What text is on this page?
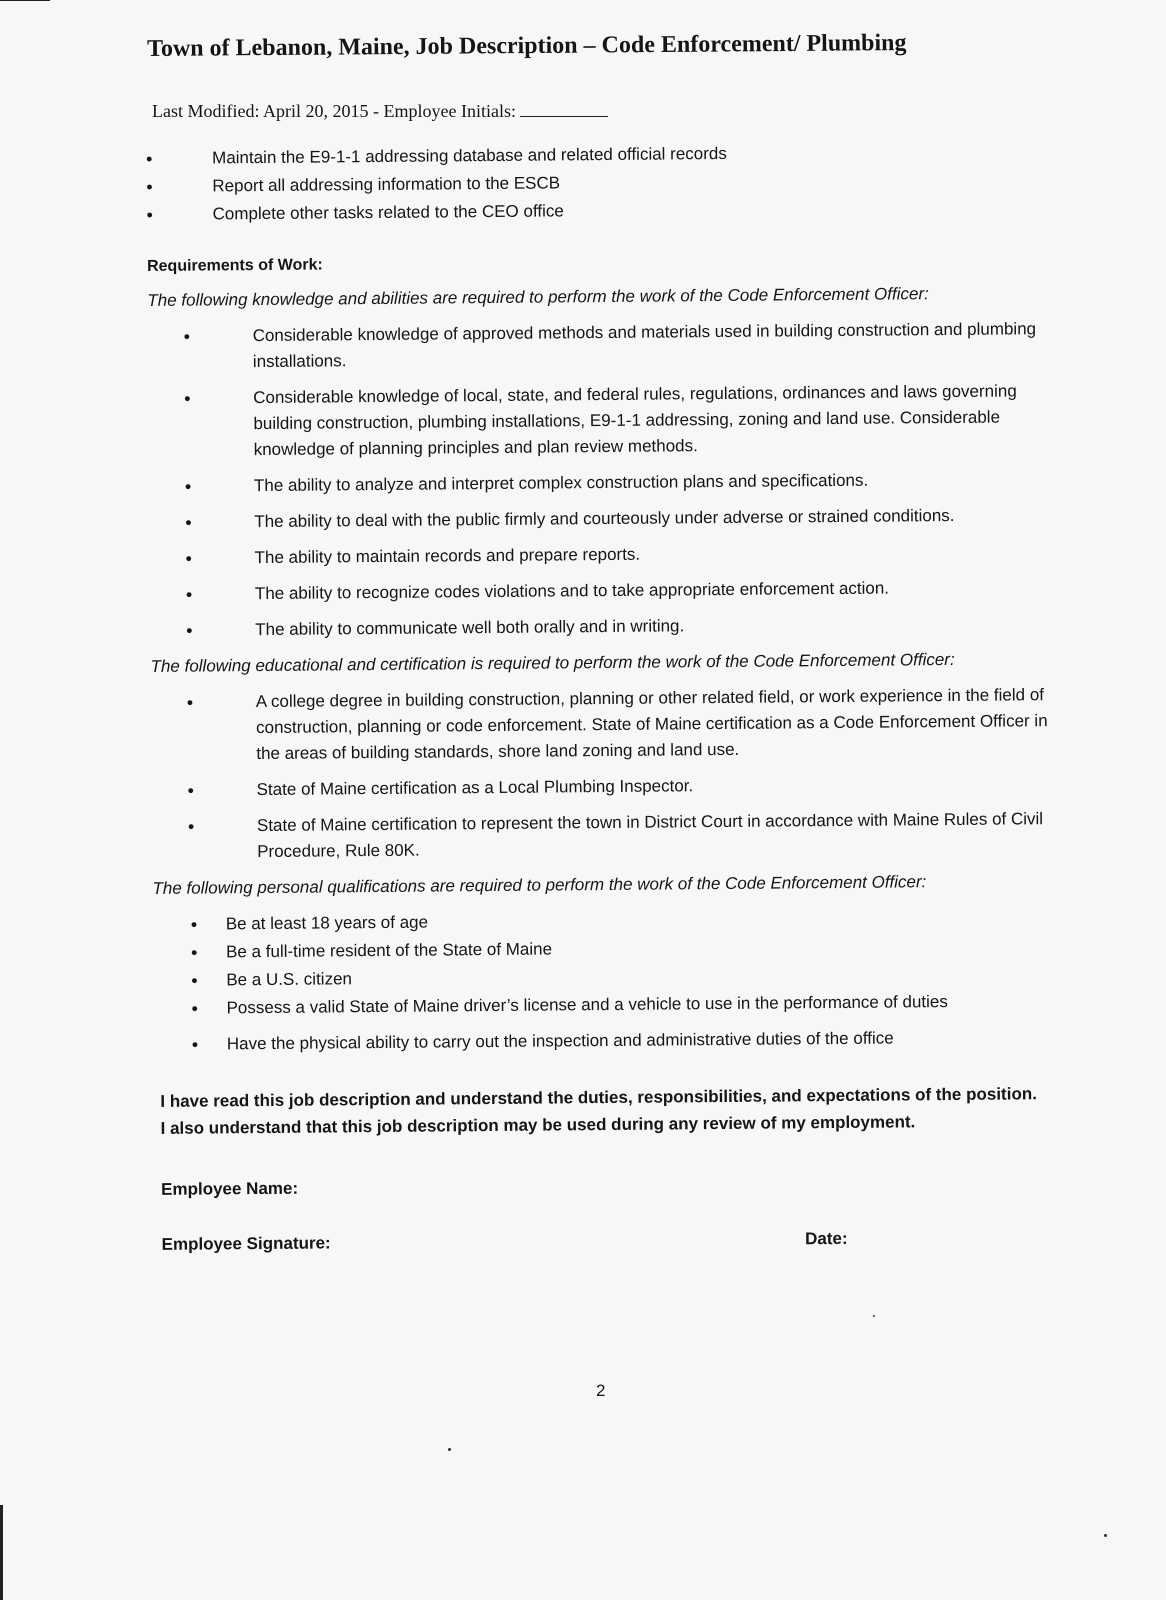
Town of Lebanon, Maine, Job Description – Code Enforcement/ Plumbing
Last Modified: April 20, 2015 - Employee Initials:
• Maintain the E9-1-1 addressing database and related official records
• Report all addressing information to the ESCB
• Complete other tasks related to the CEO office
Requirements of Work:

The following knowledge and abilities are required to perform the work of the Code Enforcement Officer:

• Considerable knowledge of approved methods and materials used in building construction and plumbing installations.
• Considerable knowledge of local, state, and federal rules, regulations, ordinances and laws governing building construction, plumbing installations, E9-1-1 addressing, zoning and land use. Considerable knowledge of planning principles and plan review methods.
• The ability to analyze and interpret complex construction plans and specifications.
• The ability to deal with the public firmly and courteously under adverse or strained conditions.
• The ability to maintain records and prepare reports.
• The ability to recognize codes violations and to take appropriate enforcement action.
• The ability to communicate well both orally and in writing.

The following educational and certification is required to perform the work of the Code Enforcement Officer:

• A college degree in building construction, planning or other related field, or work experience in the field of construction, planning or code enforcement. State of Maine certification as a Code Enforcement Officer in the areas of building standards, shore land zoning and land use.
• State of Maine certification as a Local Plumbing Inspector.
• State of Maine certification to represent the town in District Court in accordance with Maine Rules of Civil Procedure, Rule 80K.

The following personal qualifications are required to perform the work of the Code Enforcement Officer:

• Be at least 18 years of age
• Be a full-time resident of the State of Maine
• Be a U.S. citizen
• Possess a valid State of Maine driver’s license and a vehicle to use in the performance of duties
• Have the physical ability to carry out the inspection and administrative duties of the office

I have read this job description and understand the duties, responsibilities, and expectations of the position. I also understand that this job description may be used during any review of my employment.

Employee Name:
Employee Signature:	Date:
2
